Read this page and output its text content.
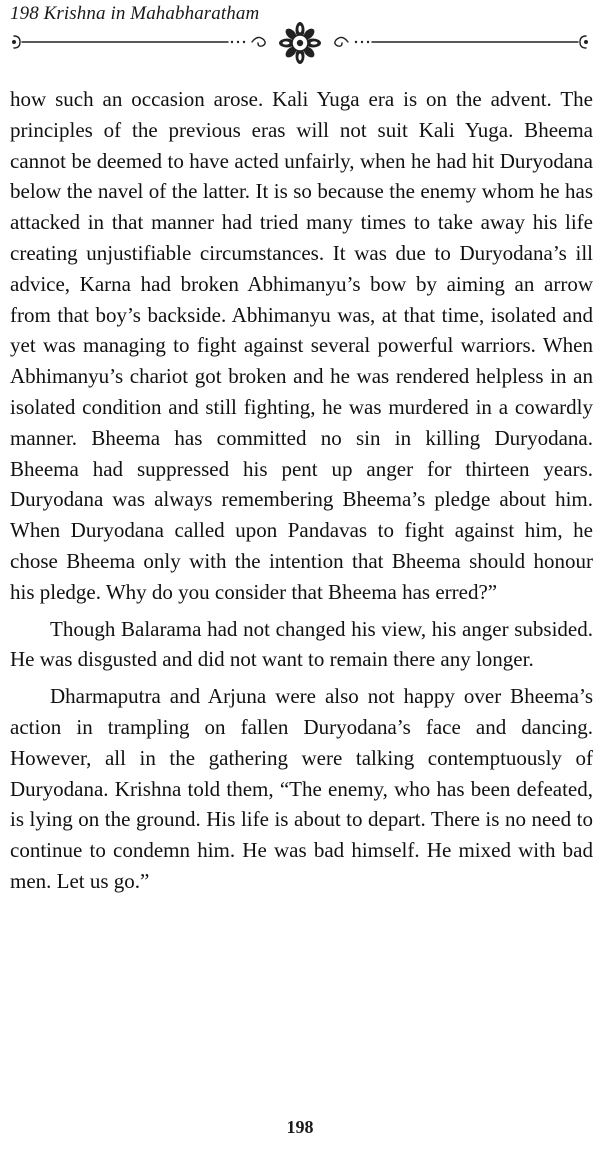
198 Krishna in Mahabharatham

how such an occasion arose. Kali Yuga era is on the advent. The principles of the previous eras will not suit Kali Yuga. Bheema cannot be deemed to have acted unfairly, when he had hit Duryodana below the navel of the latter. It is so because the enemy whom he has attacked in that manner had tried many times to take away his life creating unjustifiable circumstances. It was due to Duryodana’s ill advice, Karna had broken Abhimanyu’s bow by aiming an arrow from that boy’s backside. Abhimanyu was, at that time, isolated and yet was managing to fight against several powerful warriors. When Abhimanyu’s chariot got broken and he was rendered helpless in an isolated condition and still fighting, he was murdered in a cowardly manner. Bheema has committed no sin in killing Duryodana. Bheema had suppressed his pent up anger for thirteen years. Duryodana was always remembering Bheema’s pledge about him. When Duryodana called upon Pandavas to fight against him, he chose Bheema only with the intention that Bheema should honour his pledge. Why do you consider that Bheema has erred?”

Though Balarama had not changed his view, his anger subsided. He was disgusted and did not want to remain there any longer.

Dharmaputra and Arjuna were also not happy over Bheema’s action in trampling on fallen Duryodana’s face and dancing. However, all in the gathering were talking contemptuously of Duryodana. Krishna told them, “The enemy, who has been defeated, is lying on the ground. His life is about to depart. There is no need to continue to condemn him. He was bad himself. He mixed with bad men. Let us go.”

198
